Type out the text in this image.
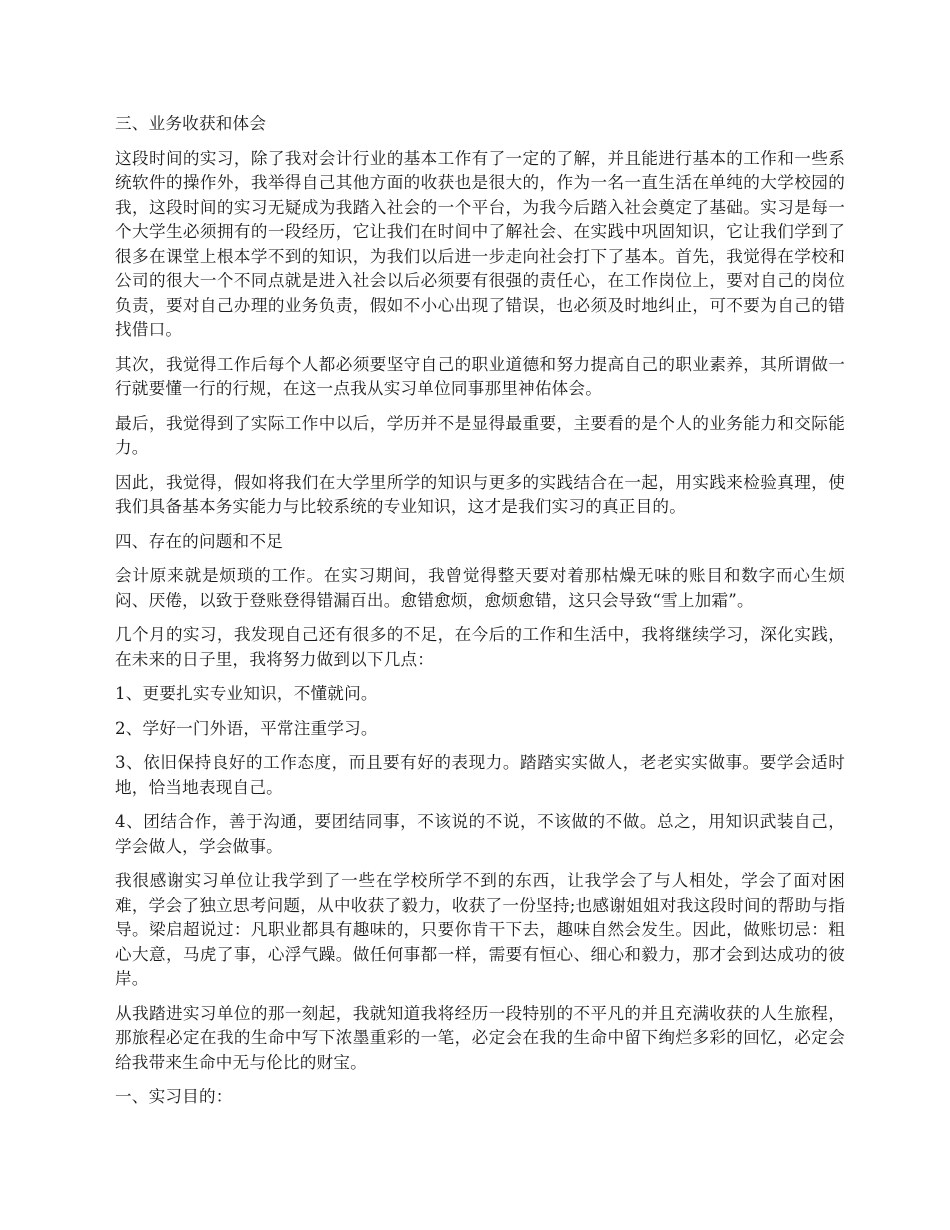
三、业务收获和体会

这段时间的实习，除了我对会计行业的基本工作有了一定的了解，并且能进行基本的工作和一些系统软件的操作外，我举得自己其他方面的收获也是很大的，作为一名一直生活在单纯的大学校园的我，这段时间的实习无疑成为我踏入社会的一个平台，为我今后踏入社会奠定了基础。实习是每一个大学生必须拥有的一段经历，它让我们在时间中了解社会、在实践中巩固知识，它让我们学到了很多在课堂上根本学不到的知识，为我们以后进一步走向社会打下了基本。首先，我觉得在学校和公司的很大一个不同点就是进入社会以后必须要有很强的责任心，在工作岗位上，要对自己的岗位负责，要对自己办理的业务负责，假如不小心出现了错误，也必须及时地纠止，可不要为自己的错找借口。

其次，我觉得工作后每个人都必须要坚守自己的职业道德和努力提高自己的职业素养，其所谓做一行就要懂一行的行规，在这一点我从实习单位同事那里神佑体会。

最后，我觉得到了实际工作中以后，学历并不是显得最重要，主要看的是个人的业务能力和交际能力。

因此，我觉得，假如将我们在大学里所学的知识与更多的实践结合在一起，用实践来检验真理，使我们具备基本务实能力与比较系统的专业知识，这才是我们实习的真正目的。

四、存在的问题和不足

会计原来就是烦琐的工作。在实习期间，我曾觉得整天要对着那枯燥无味的账目和数字而心生烦闷、厌倦，以致于登账登得错漏百出。愈错愈烦，愈烦愈错，这只会导致“雪上加霜”。

几个月的实习，我发现自己还有很多的不足，在今后的工作和生活中，我将继续学习，深化实践，在未来的日子里，我将努力做到以下几点：

1、更要扎实专业知识，不懂就问。

2、学好一门外语，平常注重学习。

3、依旧保持良好的工作态度，而且要有好的表现力。踏踏实实做人，老老实实做事。要学会适时地，恰当地表现自己。

4、团结合作，善于沟通，要团结同事，不该说的不说，不该做的不做。总之，用知识武装自己，学会做人，学会做事。

我很感谢实习单位让我学到了一些在学校所学不到的东西，让我学会了与人相处，学会了面对困难，学会了独立思考问题，从中收获了毅力，收获了一份坚持;也感谢姐姐对我这段时间的帮助与指导。梁启超说过：凡职业都具有趣味的，只要你肯干下去，趣味自然会发生。因此，做账切忌：粗心大意，马虎了事，心浮气躁。做任何事都一样，需要有恒心、细心和毅力，那才会到达成功的彼岸。

从我踏进实习单位的那一刻起，我就知道我将经历一段特别的不平凡的并且充满收获的人生旅程，那旅程必定在我的生命中写下浓墨重彩的一笔，必定会在我的生命中留下绚烂多彩的回忆，必定会给我带来生命中无与伦比的财宝。

一、实习目的：
